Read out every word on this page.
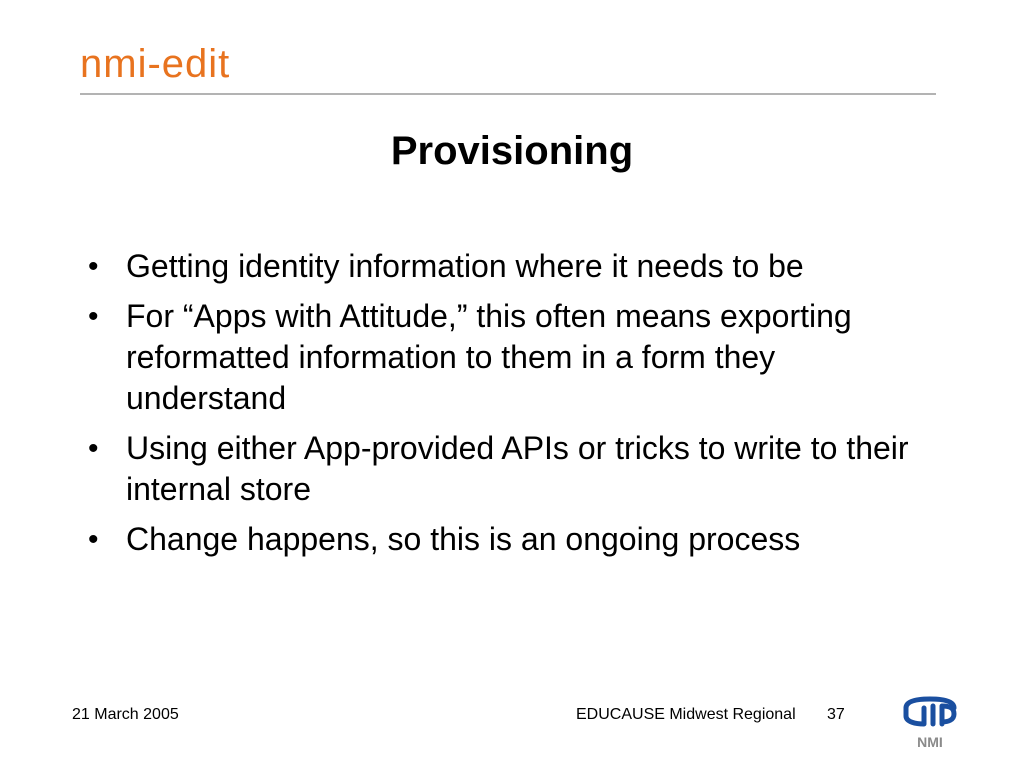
nmi-edit
Provisioning
• Getting identity information where it needs to be
• For “Apps with Attitude,” this often means exporting reformatted information to them in a form they understand
• Using either App-provided APIs or tricks to write to their internal store
• Change happens, so this is an ongoing process
21 March 2005	EDUCAUSE Midwest Regional 37
NMI
